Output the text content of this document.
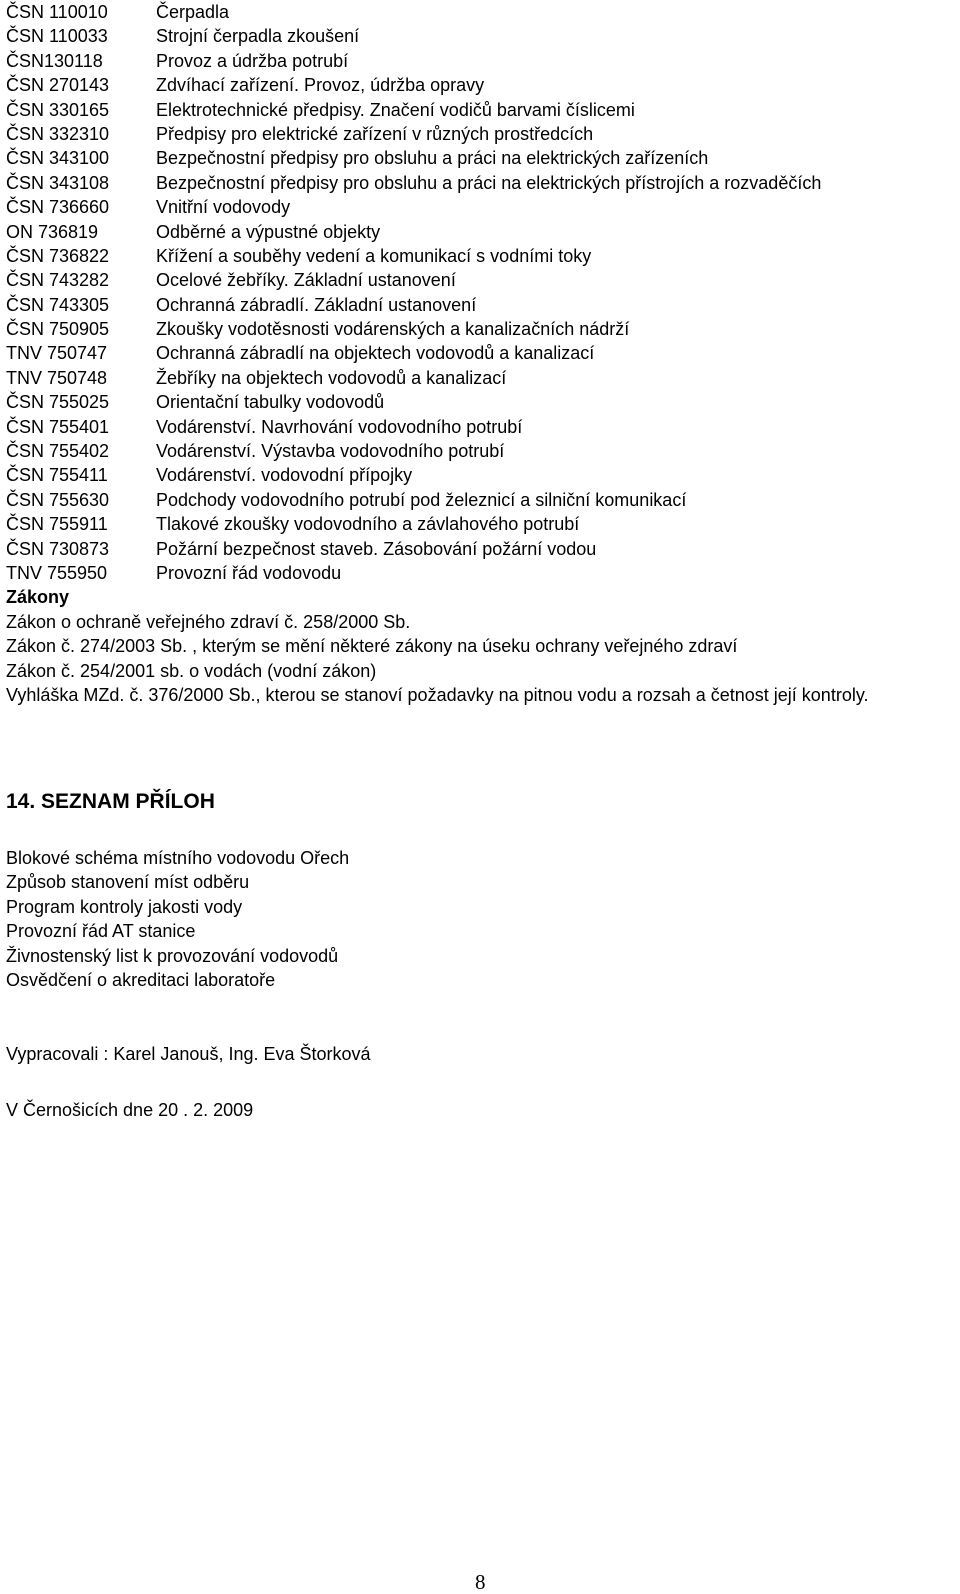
ČSN 110010	Čerpadla
ČSN 110033	Strojní čerpadla zkoušení
ČSN130118	Provoz a údržba potrubí
ČSN 270143	Zdvíhací zařízení. Provoz, údržba opravy
ČSN 330165	Elektrotechnické předpisy. Značení vodičů barvami číslicemi
ČSN 332310	Předpisy pro elektrické zařízení v různých prostředcích
ČSN 343100	Bezpečnostní předpisy pro obsluhu a práci na elektrických zařízeních
ČSN 343108	Bezpečnostní předpisy pro obsluhu a práci na elektrických přístrojích a rozvaděčích
ČSN 736660	Vnitřní vodovody
ON 736819	Odběrné a výpustné objekty
ČSN 736822	Křížení a souběhy vedení a komunikací s vodními toky
ČSN 743282	Ocelové žebříky. Základní ustanovení
ČSN 743305	Ochranná zábradlí. Základní ustanovení
ČSN 750905	Zkoušky vodotěsnosti vodárenských a kanalizačních nádrží
TNV 750747	Ochranná zábradlí na objektech vodovodů a kanalizací
TNV 750748	Žebříky na objektech vodovodů a kanalizací
ČSN 755025	Orientační tabulky vodovodů
ČSN 755401	Vodárenství. Navrhování vodovodního potrubí
ČSN 755402	Vodárenství. Výstavba vodovodního potrubí
ČSN 755411	Vodárenství. vodovodní přípojky
ČSN 755630	Podchody vodovodního potrubí pod železnicí a silniční komunikací
ČSN 755911	Tlakové zkoušky vodovodního a závlahového potrubí
ČSN 730873	Požární bezpečnost staveb. Zásobování požární vodou
TNV 755950	Provozní řád vodovodu
Zákony
Zákon o ochraně veřejného zdraví č. 258/2000 Sb.
Zákon č. 274/2003 Sb. , kterým se mění některé zákony na úseku ochrany veřejného zdraví
Zákon č. 254/2001 sb. o vodách (vodní zákon)
Vyhláška MZd. č. 376/2000 Sb., kterou se stanoví požadavky na pitnou vodu a rozsah a četnost její kontroly.
14. SEZNAM PŘÍLOH
Blokové schéma místního vodovodu Ořech
Způsob stanovení míst odběru
Program kontroly jakosti vody
Provozní řád AT stanice
Živnostenský list k provozování vodovodů
Osvědčení o akreditaci laboratoře
Vypracovali : Karel Janouš, Ing. Eva Štorková
V Černošicích dne 20 . 2. 2009
8
